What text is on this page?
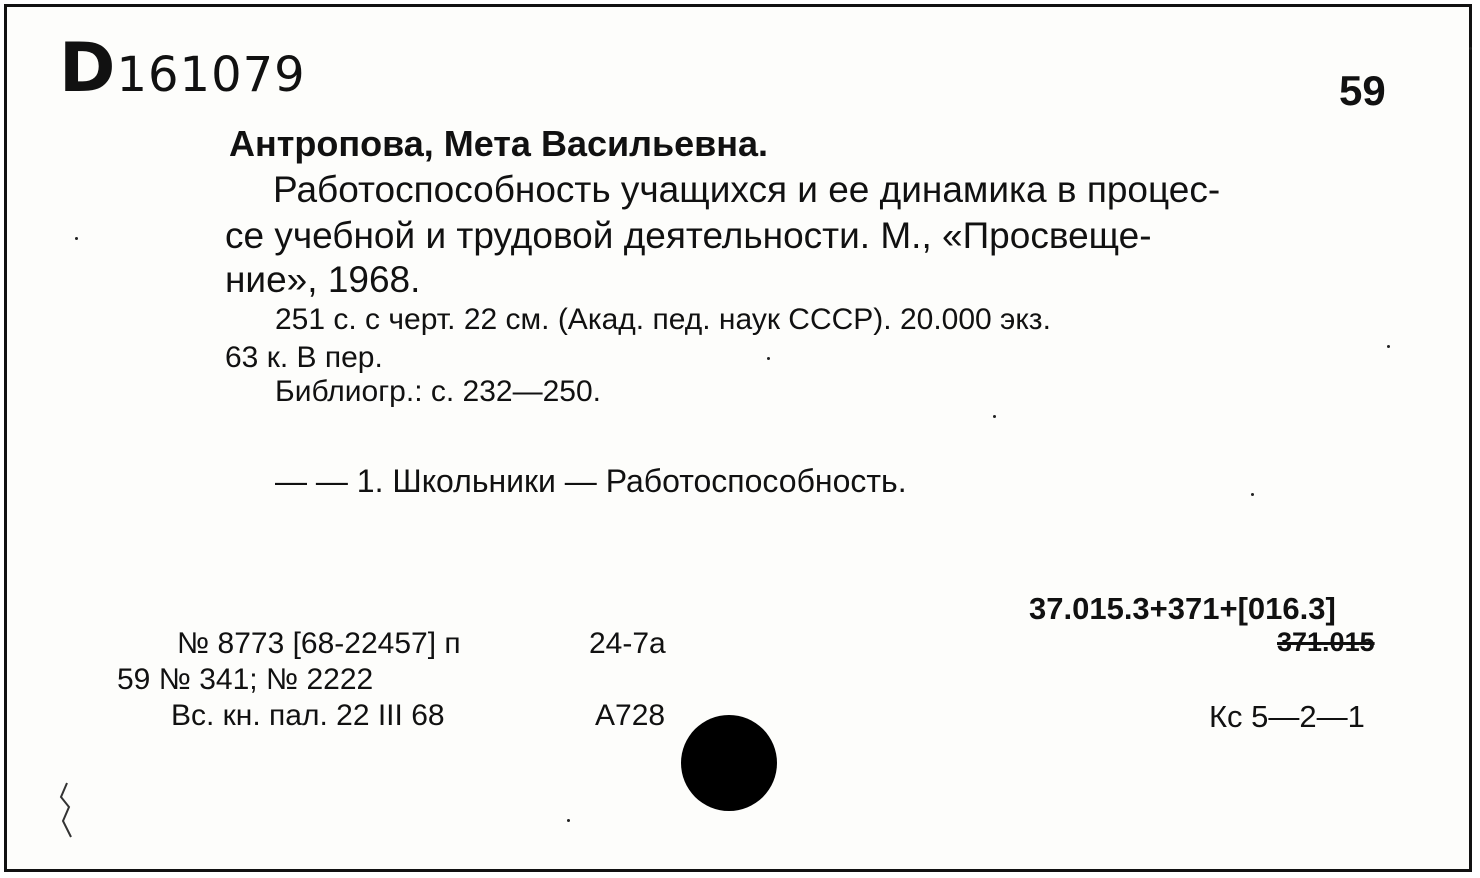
D161079	59
Антропова, Мета Васильевна.
Работоспособность учащихся и ее динамика в процес-
се учебной и трудовой деятельности. М., «Просвеще-
ние», 1968.
251 с. с черт. 22 см. (Акад. пед. наук СССР). 20.000 экз.
63 к. В пер.
Библиогр.: с. 232—250.
— — 1. Школьники — Работоспособность.
37.015.3+371+[016.3]
371.015
№ 8773 [68-22457] п	24-7а
59 № 341; № 2222
Вс. кн. пал. 22 III 68	А728	Кс 5—2—1
